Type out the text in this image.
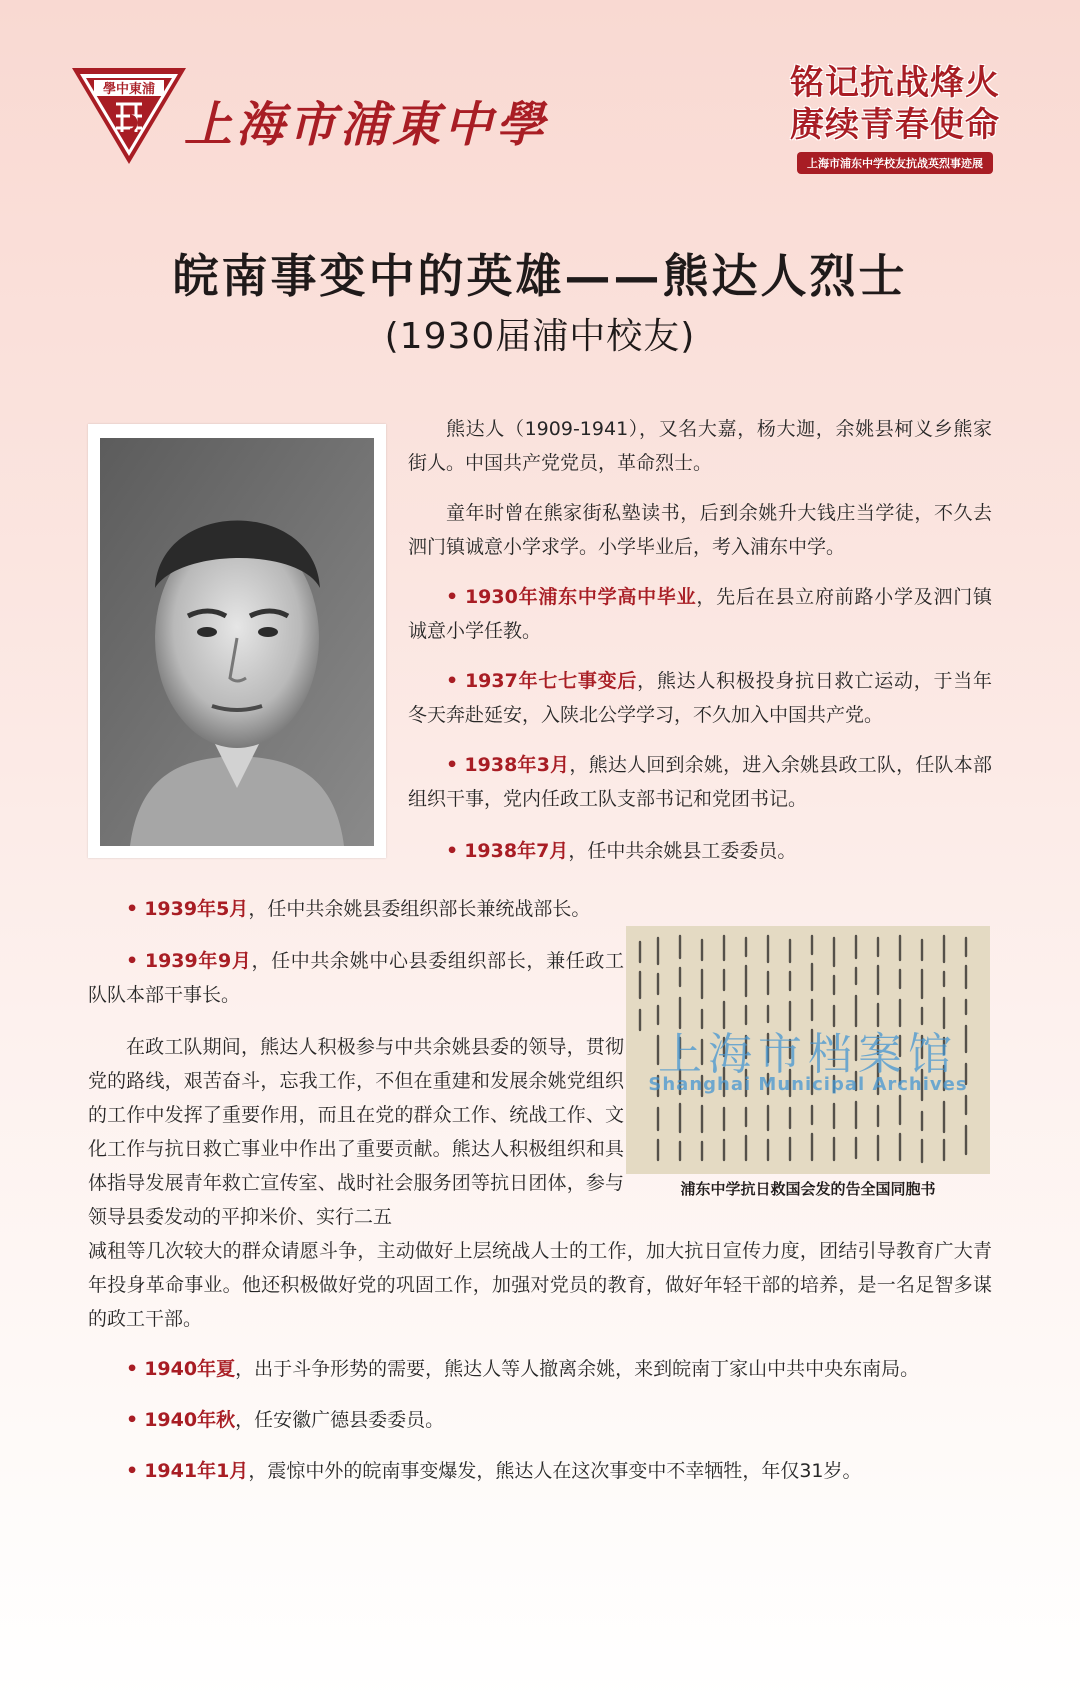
學中東浦
上海市浦東中學
铭记抗战烽火
赓续青春使命
上海市浦东中学校友抗战英烈事迹展
皖南事变中的英雄——熊达人烈士
(1930届浦中校友)

熊达人（1909-1941），又名大嘉，杨大迦，余姚县柯义乡熊家街人。中国共产党党员，革命烈士。

童年时曾在熊家街私塾读书，后到余姚升大钱庄当学徒，不久去泗门镇诚意小学求学。小学毕业后，考入浦东中学。

• 1930年浦东中学高中毕业，先后在县立府前路小学及泗门镇诚意小学任教。

• 1937年七七事变后，熊达人积极投身抗日救亡运动，于当年冬天奔赴延安，入陕北公学学习，不久加入中国共产党。

• 1938年3月，熊达人回到余姚，进入余姚县政工队，任队本部组织干事，党内任政工队支部书记和党团书记。

• 1938年7月，任中共余姚县工委委员。

• 1939年5月，任中共余姚县委组织部长兼统战部长。

• 1939年9月，任中共余姚中心县委组织部长，兼任政工队队本部干事长。

在政工队期间，熊达人积极参与中共余姚县委的领导，贯彻党的路线，艰苦奋斗，忘我工作，不但在重建和发展余姚党组织的工作中发挥了重要作用，而且在党的群众工作、统战工作、文化工作与抗日救亡事业中作出了重要贡献。熊达人积极组织和具体指导发展青年救亡宣传室、战时社会服务团等抗日团体，参与领导县委发动的平抑米价、实行二五

减租等几次较大的群众请愿斗争，主动做好上层统战人士的工作，加大抗日宣传力度，团结引导教育广大青年投身革命事业。他还积极做好党的巩固工作，加强对党员的教育，做好年轻干部的培养，是一名足智多谋的政工干部。

上海市档案馆
Shanghai Municipal Archives
浦东中学抗日救国会发的告全国同胞书

• 1940年夏，出于斗争形势的需要，熊达人等人撤离余姚，来到皖南丁家山中共中央东南局。

• 1940年秋，任安徽广德县委委员。

• 1941年1月，震惊中外的皖南事变爆发，熊达人在这次事变中不幸牺牲，年仅31岁。
